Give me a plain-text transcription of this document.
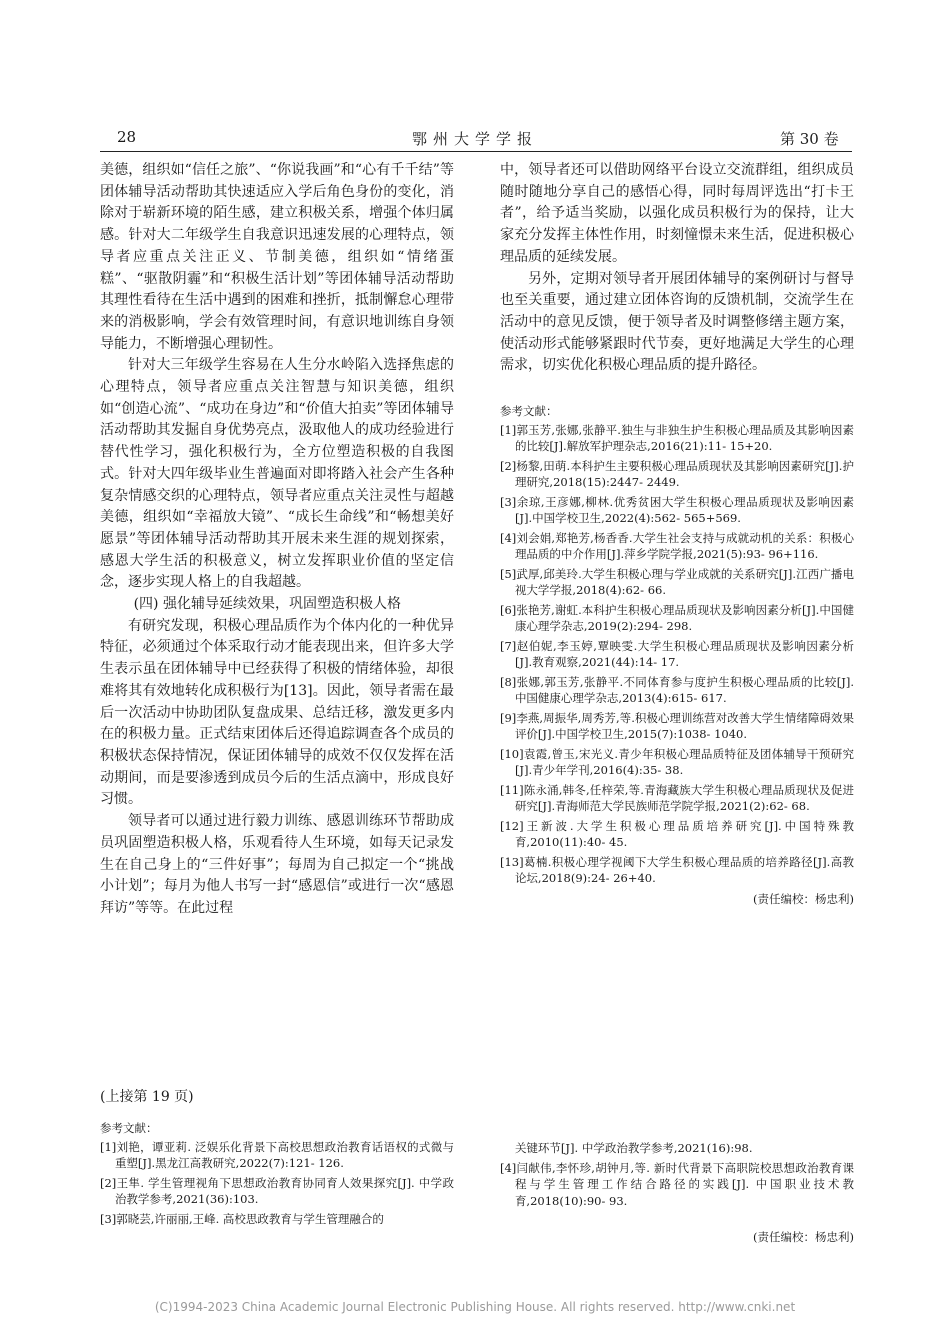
28	鄂州大学学报	第 30 卷

美德，组织如“信任之旅”、“你说我画”和“心有千千结”等团体辅导活动帮助其快速适应入学后角色身份的变化，消除对于崭新环境的陌生感，建立积极关系，增强个体归属感。针对大二年级学生自我意识迅速发展的心理特点，领导者应重点关注正义、节制美德，组织如“情绪蛋糕”、“驱散阴霾”和“积极生活计划”等团体辅导活动帮助其理性看待在生活中遇到的困难和挫折，抵制懈怠心理带来的消极影响，学会有效管理时间，有意识地训练自身领导能力，不断增强心理韧性。

针对大三年级学生容易在人生分水岭陷入选择焦虑的心理特点，领导者应重点关注智慧与知识美德，组织如“创造心流”、“成功在身边”和“价值大拍卖”等团体辅导活动帮助其发掘自身优势亮点，汲取他人的成功经验进行替代性学习，强化积极行为，全方位塑造积极的自我图式。针对大四年级毕业生普遍面对即将踏入社会产生各种复杂情感交织的心理特点，领导者应重点关注灵性与超越美德，组织如“幸福放大镜”、“成长生命线”和“畅想美好愿景”等团体辅导活动帮助其开展未来生涯的规划探索，感恩大学生活的积极意义，树立发挥职业价值的坚定信念，逐步实现人格上的自我超越。

(四) 强化辅导延续效果，巩固塑造积极人格

有研究发现，积极心理品质作为个体内化的一种优异特征，必须通过个体采取行动才能表现出来，但许多大学生表示虽在团体辅导中已经获得了积极的情绪体验，却很难将其有效地转化成积极行为[13]。因此，领导者需在最后一次活动中协助团队复盘成果、总结迁移，激发更多内在的积极力量。正式结束团体后还得追踪调查各个成员的积极状态保持情况，保证团体辅导的成效不仅仅发挥在活动期间，而是要渗透到成员今后的生活点滴中，形成良好习惯。

领导者可以通过进行毅力训练、感恩训练环节帮助成员巩固塑造积极人格，乐观看待人生环境，如每天记录发生在自己身上的“三件好事”；每周为自己拟定一个“挑战小计划”；每月为他人书写一封“感恩信”或进行一次“感恩拜访”等等。在此过程

中，领导者还可以借助网络平台设立交流群组，组织成员随时随地分享自己的感悟心得，同时每周评选出“打卡王者”，给予适当奖励，以强化成员积极行为的保持，让大家充分发挥主体性作用，时刻憧憬未来生活，促进积极心理品质的延续发展。

另外，定期对领导者开展团体辅导的案例研讨与督导也至关重要，通过建立团体咨询的反馈机制，交流学生在活动中的意见反馈，便于领导者及时调整修缮主题方案，使活动形式能够紧跟时代节奏，更好地满足大学生的心理需求，切实优化积极心理品质的提升路径。

参考文献：

[1]郭玉芳,张娜,张静平.独生与非独生护生积极心理品质及其影响因素的比较[J].解放军护理杂志,2016(21):11- 15+20.

[2]杨黎,田萌.本科护生主要积极心理品质现状及其影响因素研究[J].护理研究,2018(15):2447- 2449.

[3]余琼,王彦娜,柳林.优秀贫困大学生积极心理品质现状及影响因素[J].中国学校卫生,2022(4):562- 565+569.

[4]刘会娟,郑艳芳,杨香香.大学生社会支持与成就动机的关系：积极心理品质的中介作用[J].萍乡学院学报,2021(5):93- 96+116.

[5]武厚,邱美玲.大学生积极心理与学业成就的关系研究[J].江西广播电视大学学报,2018(4):62- 66.

[6]张艳芳,谢虹.本科护生积极心理品质现状及影响因素分析[J].中国健康心理学杂志,2019(2):294- 298.

[7]赵伯妮,李玉婷,覃映雯.大学生积极心理品质现状及影响因素分析[J].教育观察,2021(44):14- 17.

[8]张娜,郭玉芳,张静平.不同体育参与度护生积极心理品质的比较[J].中国健康心理学杂志,2013(4):615- 617.

[9]李燕,周振华,周秀芳,等.积极心理训练营对改善大学生情绪障碍效果评价[J].中国学校卫生,2015(7):1038- 1040.

[10]袁霞,曾玉,宋光义.青少年积极心理品质特征及团体辅导干预研究[J].青少年学刊,2016(4):35- 38.

[11]陈永涌,韩冬,任梓荣,等.青海藏族大学生积极心理品质现状及促进研究[J].青海师范大学民族师范学院学报,2021(2):62- 68.

[12]王新波.大学生积极心理品质培养研究[J].中国特殊教育,2010(11):40- 45.

[13]葛楠.积极心理学视阈下大学生积极心理品质的培养路径[J].高教论坛,2018(9):24- 26+40.

(责任编校：杨忠利)

(上接第 19 页)

参考文献：

[1]刘艳，谭亚莉. 泛娱乐化背景下高校思想政治教育话语权的式微与重塑[J].黑龙江高教研究,2022(7):121- 126.

[2]王隼. 学生管理视角下思想政治教育协同育人效果探究[J]. 中学政治教学参考,2021(36):103.

[3]郭晓芸,许丽丽,王峰. 高校思政教育与学生管理融合的

关键环节[J]. 中学政治教学参考,2021(16):98.

[4]闫献伟,李怀珍,胡钟月,等. 新时代背景下高职院校思想政治教育课程与学生管理工作结合路径的实践[J]. 中国职业技术教育,2018(10):90- 93.

(责任编校：杨忠利)

(C)1994-2023 China Academic Journal Electronic Publishing House. All rights reserved. http://www.cnki.net
